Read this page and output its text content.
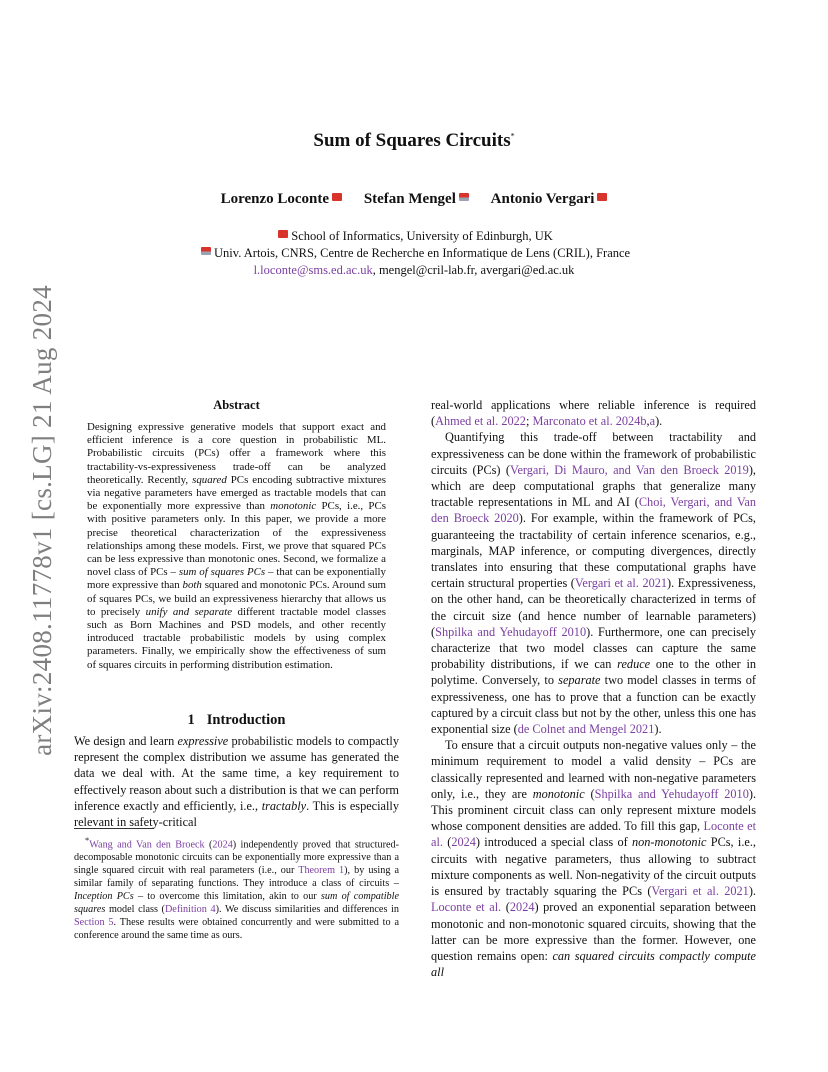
arXiv:2408.11778v1 [cs.LG] 21 Aug 2024
Sum of Squares Circuits*
Lorenzo Loconte Stefan Mengel Antonio Vergari
School of Informatics, University of Edinburgh, UK
Univ. Artois, CNRS, Centre de Recherche en Informatique de Lens (CRIL), France
l.loconte@sms.ed.ac.uk, mengel@cril-lab.fr, avergari@ed.ac.uk
Abstract
Designing expressive generative models that support exact and efficient inference is a core question in probabilistic ML. Probabilistic circuits (PCs) offer a framework where this tractability-vs-expressiveness trade-off can be analyzed theoretically. Recently, squared PCs encoding subtractive mixtures via negative parameters have emerged as tractable models that can be exponentially more expressive than monotonic PCs, i.e., PCs with positive parameters only. In this paper, we provide a more precise theoretical characterization of the expressiveness relationships among these models. First, we prove that squared PCs can be less expressive than monotonic ones. Second, we formalize a novel class of PCs – sum of squares PCs – that can be exponentially more expressive than both squared and monotonic PCs. Around sum of squares PCs, we build an expressiveness hierarchy that allows us to precisely unify and separate different tractable model classes such as Born Machines and PSD models, and other recently introduced tractable probabilistic models by using complex parameters. Finally, we empirically show the effectiveness of sum of squares circuits in performing distribution estimation.
1 Introduction
We design and learn expressive probabilistic models to compactly represent the complex distribution we assume has generated the data we deal with. At the same time, a key requirement to effectively reason about such a distribution is that we can perform inference exactly and efficiently, i.e., tractably. This is especially relevant in safety-critical
*Wang and Van den Broeck (2024) independently proved that structured-decomposable monotonic circuits can be exponentially more expressive than a single squared circuit with real parameters (i.e., our Theorem 1), by using a similar family of separating functions. They introduce a class of circuits – Inception PCs – to overcome this limitation, akin to our sum of compatible squares model class (Definition 4). We discuss similarities and differences in Section 5. These results were obtained concurrently and were submitted to a conference around the same time as ours.

real-world applications where reliable inference is required (Ahmed et al. 2022; Marconato et al. 2024b,a).

Quantifying this trade-off between tractability and expressiveness can be done within the framework of probabilistic circuits (PCs) (Vergari, Di Mauro, and Van den Broeck 2019), which are deep computational graphs that generalize many tractable representations in ML and AI (Choi, Vergari, and Van den Broeck 2020). For example, within the framework of PCs, guaranteeing the tractability of certain inference scenarios, e.g., marginals, MAP inference, or computing divergences, directly translates into ensuring that these computational graphs have certain structural properties (Vergari et al. 2021). Expressiveness, on the other hand, can be theoretically characterized in terms of the circuit size (and hence number of learnable parameters) (Shpilka and Yehudayoff 2010). Furthermore, one can precisely characterize that two model classes can capture the same probability distributions, if we can reduce one to the other in polytime. Conversely, to separate two model classes in terms of expressiveness, one has to prove that a function can be exactly captured by a circuit class but not by the other, unless this one has exponential size (de Colnet and Mengel 2021).

To ensure that a circuit outputs non-negative values only – the minimum requirement to model a valid density – PCs are classically represented and learned with non-negative parameters only, i.e., they are monotonic (Shpilka and Yehudayoff 2010). This prominent circuit class can only represent mixture models whose component densities are added. To fill this gap, Loconte et al. (2024) introduced a special class of non-monotonic PCs, i.e., circuits with negative parameters, thus allowing to subtract mixture components as well. Non-negativity of the circuit outputs is ensured by tractably squaring the PCs (Vergari et al. 2021). Loconte et al. (2024) proved an exponential separation between monotonic and non-monotonic squared circuits, showing that the latter can be more expressive than the former. However, one question remains open: can squared circuits compactly compute all
